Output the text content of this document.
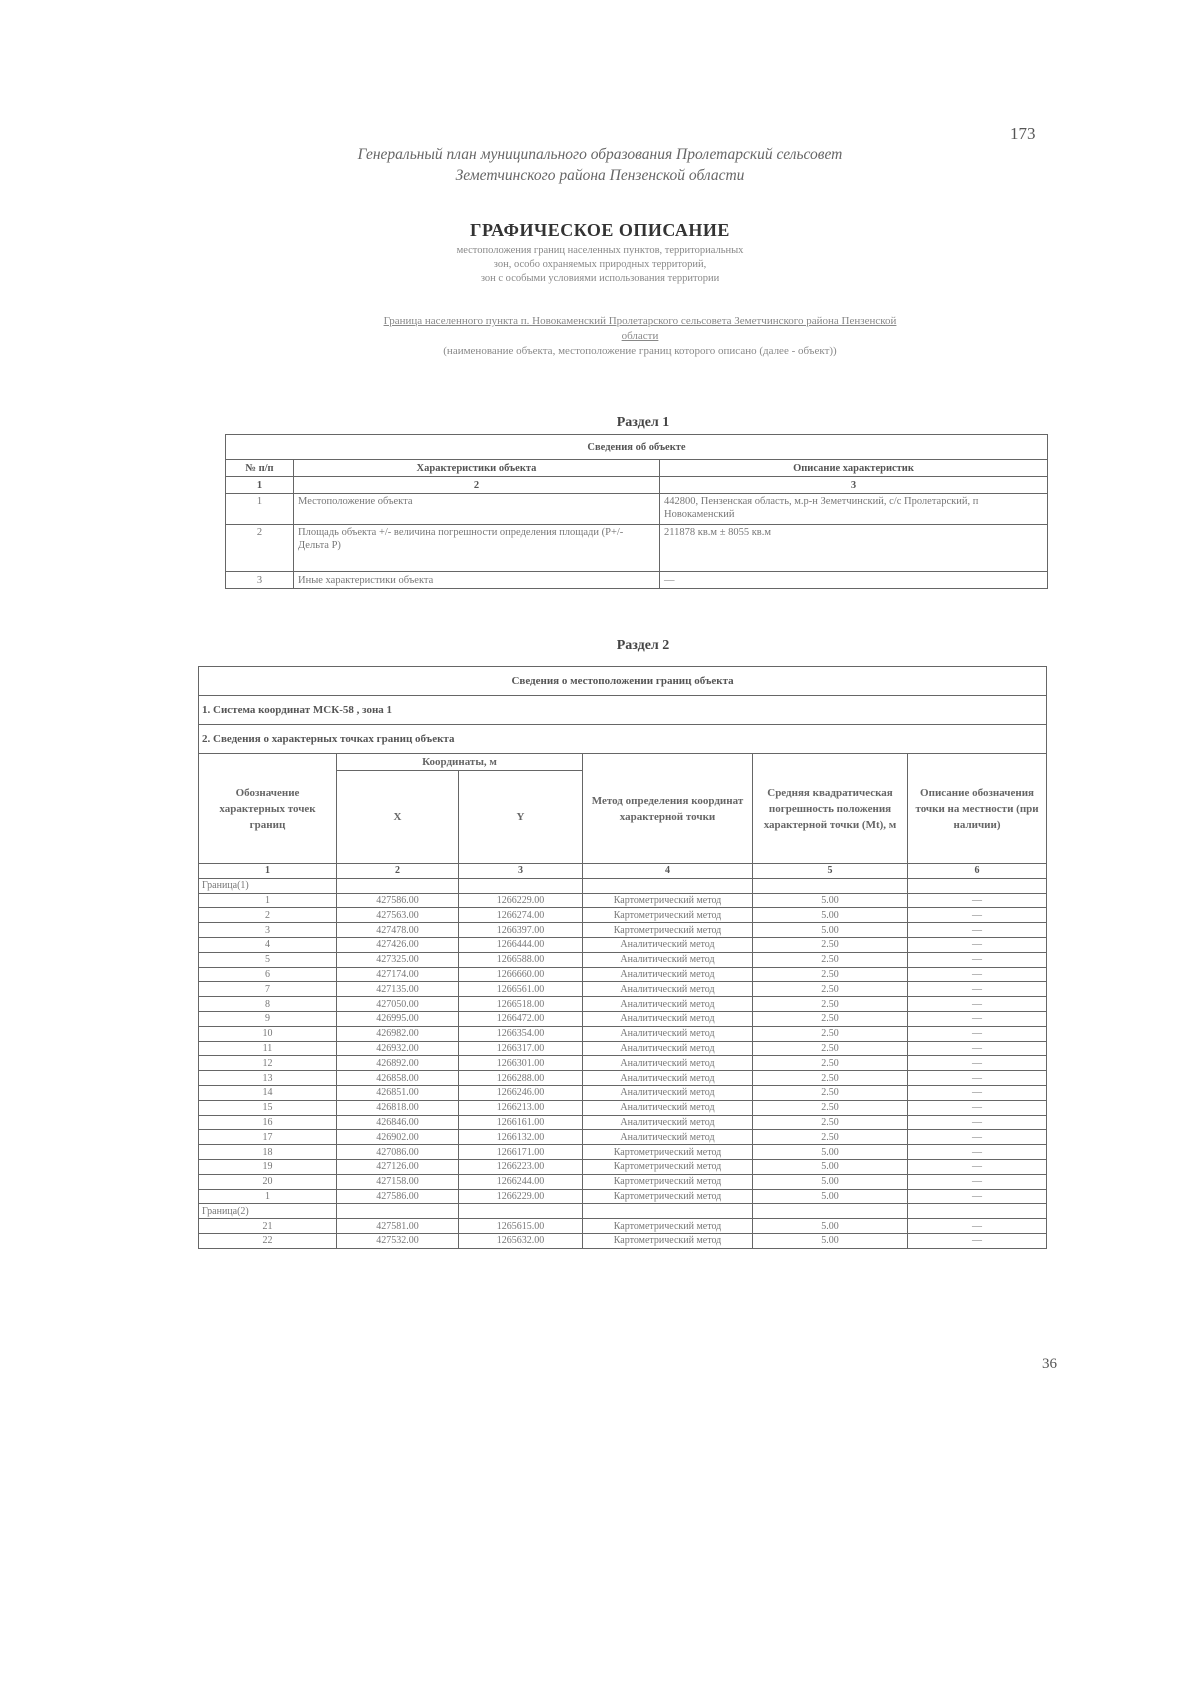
173
Генеральный план муниципального образования Пролетарский сельсовет
Земетчинского района Пензенской области
ГРАФИЧЕСКОЕ ОПИСАНИЕ
местоположения границ населенных пунктов, территориальных
зон, особо охраняемых природных территорий,
зон с особыми условиями использования территории
Граница населенного пункта п. Новокаменский Пролетарского сельсовета Земетчинского района Пензенской
области
(наименование объекта, местоположение границ которого описано (далее - объект))
Раздел 1
Сведения об объекте		
№ п/п	Характеристики объекта	Описание характеристик
1	2	3
1	Местоположение объекта	442800, Пензенская область, м.р-н Земетчинский, с/с Пролетарский, п Новокаменский
2	Площадь объекта +/- величина погрешности определения площади (P+/- Дельта P)	211878 кв.м ± 8055 кв.м
3	Иные характеристики объекта	—
Раздел 2
Сведения о местоположении границ объекта					
1. Система координат МСК-58 , зона 1					
2. Сведения о характерных точках границ объекта					
Обозначение характерных точек границ	Координаты, м		Метод определения координат характерной точки	Средняя квадратическая погрешность положения характерной точки (Mt), м	Описание обозначения точки на местности (при наличии)
	X	Y			
1	2	3	4	5	6
Граница(1)					
1	427586.00	1266229.00	Картометрический метод	5.00	—
2	427563.00	1266274.00	Картометрический метод	5.00	—
3	427478.00	1266397.00	Картометрический метод	5.00	—
4	427426.00	1266444.00	Аналитический метод	2.50	—
5	427325.00	1266588.00	Аналитический метод	2.50	—
6	427174.00	1266660.00	Аналитический метод	2.50	—
7	427135.00	1266561.00	Аналитический метод	2.50	—
8	427050.00	1266518.00	Аналитический метод	2.50	—
9	426995.00	1266472.00	Аналитический метод	2.50	—
10	426982.00	1266354.00	Аналитический метод	2.50	—
11	426932.00	1266317.00	Аналитический метод	2.50	—
12	426892.00	1266301.00	Аналитический метод	2.50	—
13	426858.00	1266288.00	Аналитический метод	2.50	—
14	426851.00	1266246.00	Аналитический метод	2.50	—
15	426818.00	1266213.00	Аналитический метод	2.50	—
16	426846.00	1266161.00	Аналитический метод	2.50	—
17	426902.00	1266132.00	Аналитический метод	2.50	—
18	427086.00	1266171.00	Картометрический метод	5.00	—
19	427126.00	1266223.00	Картометрический метод	5.00	—
20	427158.00	1266244.00	Картометрический метод	5.00	—
1	427586.00	1266229.00	Картометрический метод	5.00	—
Граница(2)					
21	427581.00	1265615.00	Картометрический метод	5.00	—
22	427532.00	1265632.00	Картометрический метод	5.00	—
36
